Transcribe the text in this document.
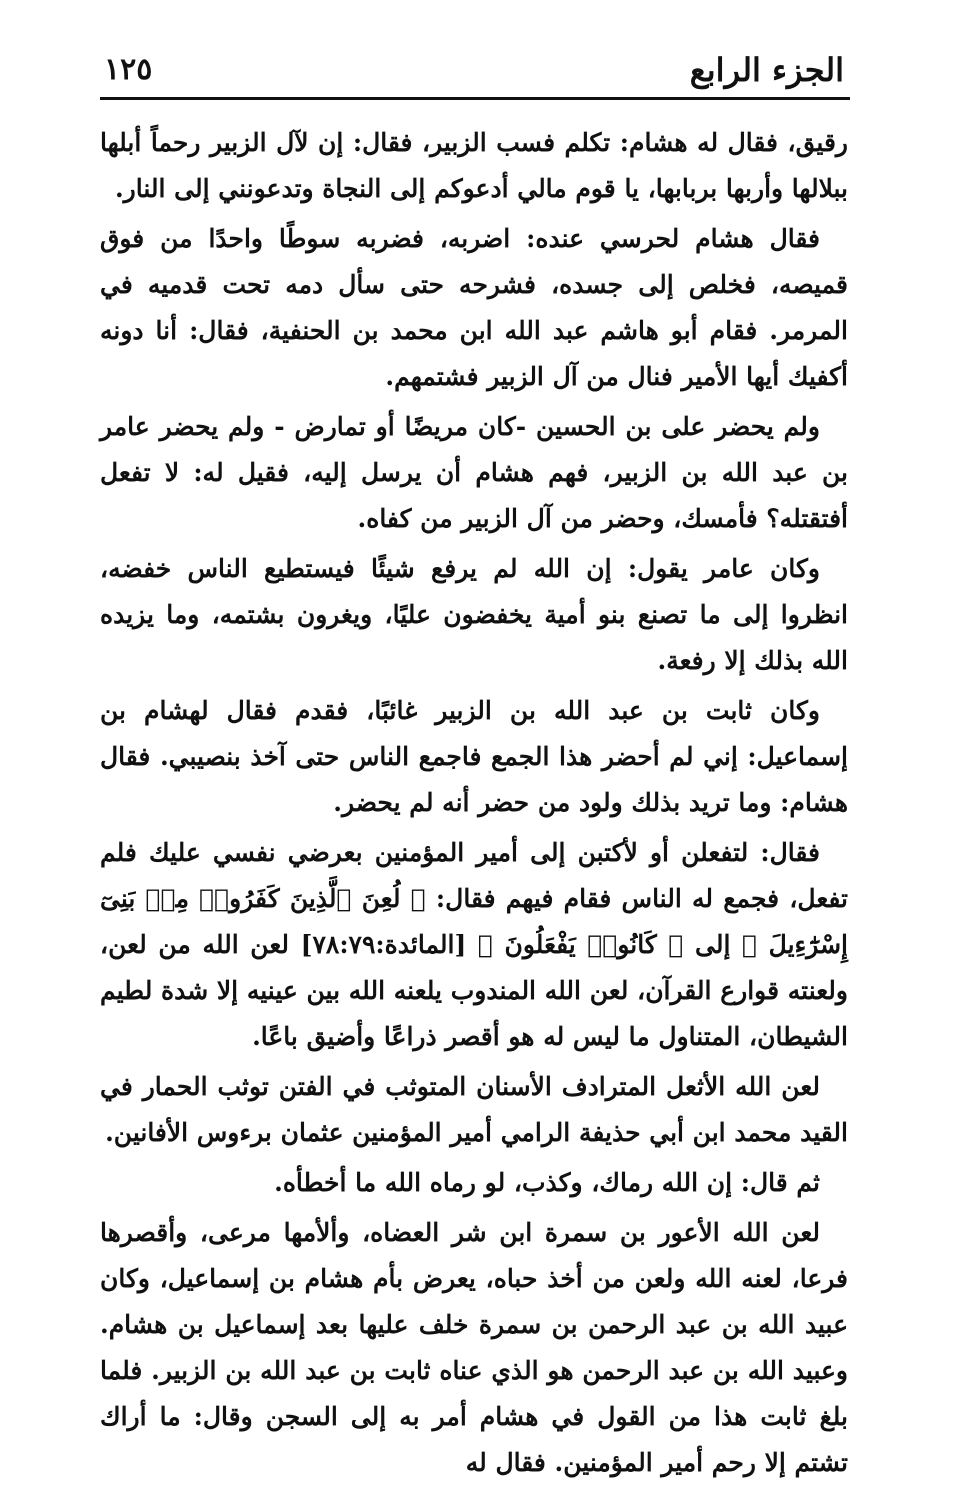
الجزء الرابع
١٢٥

رقيق، فقال له هشام: تكلم فسب الزبير، فقال: إن لآل الزبير رحماً أبلها ببلالها وأربها بربابها، يا قوم مالي أدعوكم إلى النجاة وتدعونني إلى النار.

فقال هشام لحرسي عنده: اضربه، فضربه سوطًا واحدًا من فوق قميصه، فخلص إلى جسده، فشرحه حتى سأل دمه تحت قدميه في المرمر. فقام أبو هاشم عبد الله ابن محمد بن الحنفية، فقال: أنا دونه أكفيك أيها الأمير فنال من آل الزبير فشتمهم.

ولم يحضر على بن الحسين -كان مريضًا أو تمارض - ولم يحضر عامر بن عبد الله بن الزبير، فهم هشام أن يرسل إليه، فقيل له: لا تفعل أفتقتله؟ فأمسك، وحضر من آل الزبير من كفاه.

وكان عامر يقول: إن الله لم يرفع شيئًا فيستطيع الناس خفضه، انظروا إلى ما تصنع بنو أمية يخفضون عليًا، ويغرون بشتمه، وما يزيده الله بذلك إلا رفعة.

وكان ثابت بن عبد الله بن الزبير غائبًا، فقدم فقال لهشام بن إسماعيل: إني لم أحضر هذا الجمع فاجمع الناس حتى آخذ بنصيبي. فقال هشام: وما تريد بذلك ولود من حضر أنه لم يحضر.

فقال: لتفعلن أو لأكتبن إلى أمير المؤمنين بعرضي نفسي عليك فلم تفعل، فجمع له الناس فقام فيهم فقال: ﴿ لُعِنَ ٱلَّذِينَ كَفَرُوا۟ مِنۢ بَنِىٓ إِسْرَٰٓءِيلَ ﴾ إلى ﴿ كَانُوا۟ يَفْعَلُونَ ﴾ [المائدة:٧٨:٧٩] لعن الله من لعن، ولعنته قوارع القرآن، لعن الله المندوب يلعنه الله بين عينيه إلا شدة لطيم الشيطان، المتناول ما ليس له هو أقصر ذراعًا وأضيق باعًا.

لعن الله الأثعل المترادف الأسنان المتوثب في الفتن توثب الحمار في القيد محمد ابن أبي حذيفة الرامي أمير المؤمنين عثمان برءوس الأفانين.

ثم قال: إن الله رماك، وكذب، لو رماه الله ما أخطأه.

لعن الله الأعور بن سمرة ابن شر العضاه، وألأمها مرعى، وأقصرها فرعا، لعنه الله ولعن من أخذ حباه، يعرض بأم هشام بن إسماعيل، وكان عبيد الله بن عبد الرحمن بن سمرة خلف عليها بعد إسماعيل بن هشام. وعبيد الله بن عبد الرحمن هو الذي عناه ثابت بن عبد الله بن الزبير. فلما بلغ ثابت هذا من القول في هشام أمر به إلى السجن وقال: ما أراك تشتم إلا رحم أمير المؤمنين. فقال له
